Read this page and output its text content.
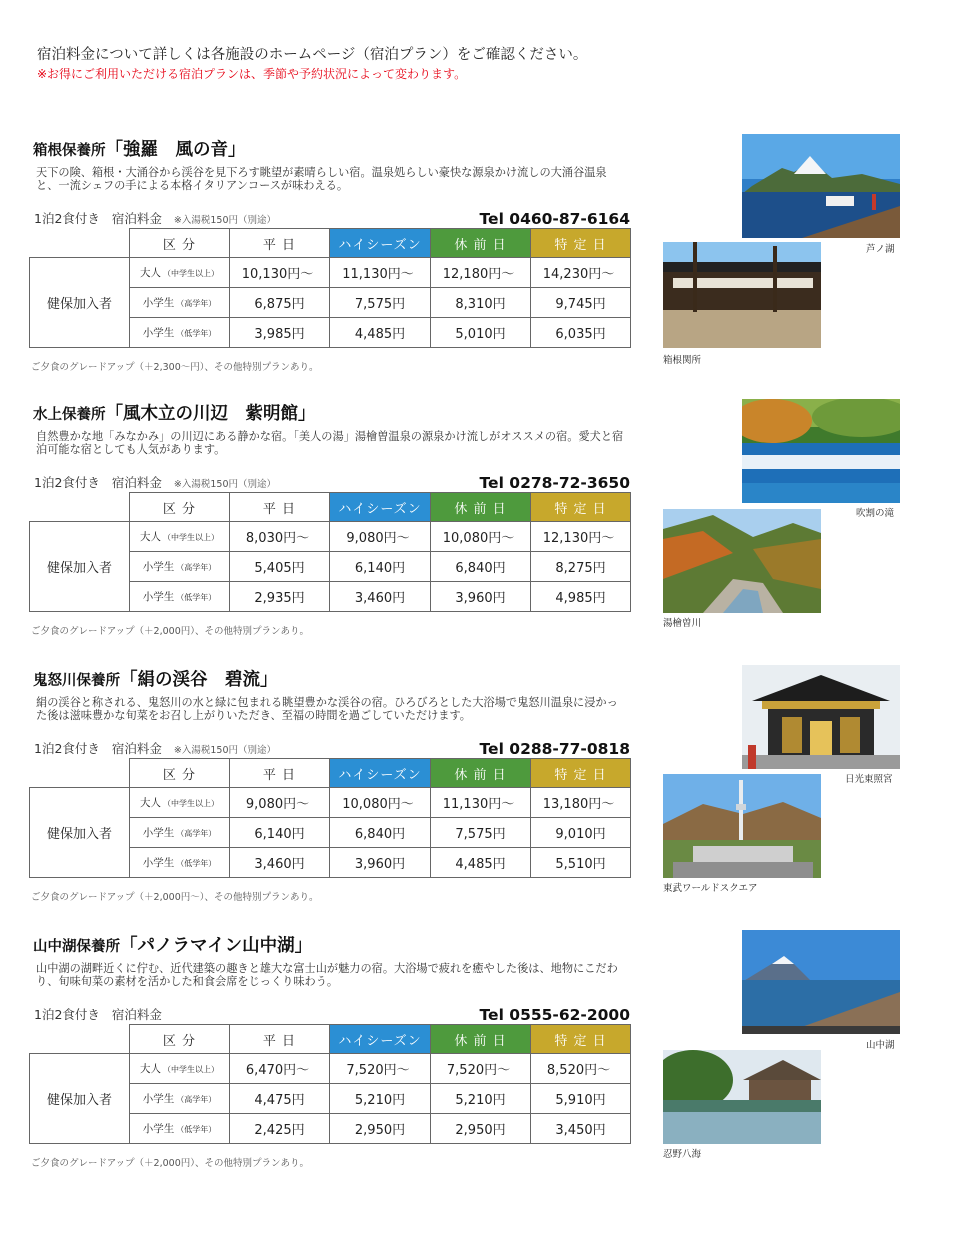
宿泊料金について詳しくは各施設のホームページ（宿泊プラン）をご確認ください。
※お得にご利用いただける宿泊プランは、季節や予約状況によって変わります。
箱根保養所「強羅　風の音」
天下の険、箱根・大涌谷から渓谷を見下ろす眺望が素晴らしい宿。温泉処らしい豪快な源泉かけ流しの大涌谷温泉と、一流シェフの手による本格イタリアンコースが味わえる。
1泊2食付き 宿泊料金 ※入湯税150円（別途）	Tel 0460-87-6164
	区 分	平 日	ハイシーズン	休 前 日	特 定 日
健保加入者	大人 （中学生以上）	10,130円〜	11,130円〜	12,180円〜	14,230円〜
	小学生 （高学年）	6,875円	7,575円	8,310円	9,745円
	小学生 （低学年）	3,985円	4,485円	5,010円	6,035円
ご夕食のグレードアップ（＋2,300〜円）、その他特別プランあり。
芦ノ湖
箱根関所
水上保養所「風木立の川辺　紫明館」
自然豊かな地「みなかみ」の川辺にある静かな宿。「美人の湯」湯檜曽温泉の源泉かけ流しがオススメの宿。愛犬と宿泊可能な宿としても人気があります。
1泊2食付き 宿泊料金 ※入湯税150円（別途）	Tel 0278-72-3650
	区 分	平 日	ハイシーズン	休 前 日	特 定 日
健保加入者	大人 （中学生以上）	8,030円〜	9,080円〜	10,080円〜	12,130円〜
	小学生 （高学年）	5,405円	6,140円	6,840円	8,275円
	小学生 （低学年）	2,935円	3,460円	3,960円	4,985円
ご夕食のグレードアップ（＋2,000円）、その他特別プランあり。
吹割の滝
湯檜曽川
鬼怒川保養所「絹の渓谷　碧流」
絹の渓谷と称される、鬼怒川の水と緑に包まれる眺望豊かな渓谷の宿。ひろびろとした大浴場で鬼怒川温泉に浸かった後は滋味豊かな旬菜をお召し上がりいただき、至福の時間を過ごしていただけます。
1泊2食付き 宿泊料金 ※入湯税150円（別途）	Tel 0288-77-0818
	区 分	平 日	ハイシーズン	休 前 日	特 定 日
健保加入者	大人 （中学生以上）	9,080円〜	10,080円〜	11,130円〜	13,180円〜
	小学生 （高学年）	6,140円	6,840円	7,575円	9,010円
	小学生 （低学年）	3,460円	3,960円	4,485円	5,510円
ご夕食のグレードアップ（＋2,000円〜）、その他特別プランあり。
日光東照宮
東武ワールドスクエア
山中湖保養所「パノラマイン山中湖」
山中湖の湖畔近くに佇む、近代建築の趣きと雄大な富士山が魅力の宿。大浴場で疲れを癒やした後は、地物にこだわり、旬味旬菜の素材を活かした和食会席をじっくり味わう。
1泊2食付き 宿泊料金	Tel 0555-62-2000
	区 分	平 日	ハイシーズン	休 前 日	特 定 日
健保加入者	大人 （中学生以上）	6,470円〜	7,520円〜	7,520円〜	8,520円〜
	小学生 （高学年）	4,475円	5,210円	5,210円	5,910円
	小学生 （低学年）	2,425円	2,950円	2,950円	3,450円
ご夕食のグレードアップ（＋2,000円）、その他特別プランあり。
山中湖
忍野八海
